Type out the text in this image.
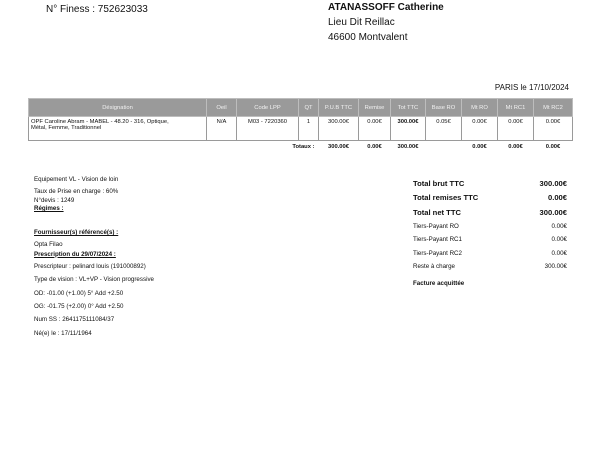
N° Finess : 752623033	ATANASSOFF Catherine
Lieu Dit Reillac
46600 Montvalent
PARIS le 17/10/2024
Désignation	Oeil	Code LPP	QT	P.U.B TTC	Remise	Tot TTC	Base RO	Mt RO	Mt RC1	Mt RC2

OPF Caroline Abram - MABEL - 48.20 - 316, Optique,
Métal, Femme, Traditionnel	N/A	M03 - 7220360	1	300.00€	0.00€	300.00€	0.05€	0.00€	0.00€	0.00€
Totaux :				300.00€	0.00€	300.00€		0.00€	0.00€	0.00€
Equipement VL - Vision de loin
Taux de Prise en charge : 60%
N°devis : 1249
Régimes :
Fournisseur(s) référencé(s) :
Opta Filao
Prescription du 29/07/2024 :
Prescripteur : pelinard louis (191000892)
Type de vision : VL+VP - Vision progressive
OD: -01.00 (+1.00) 5° Add +2.50
OG: -01.75 (+2.00) 0° Add +2.50
Num SS : 2641175111084/37
Né(e) le : 17/11/1964
Total brut TTC	300.00€
Total remises TTC	0.00€
Total net TTC	300.00€
Tiers-Payant RO	0.00€
Tiers-Payant RC1	0.00€
Tiers-Payant RC2	0.00€
Reste à charge	300.00€
Facture acquittée
